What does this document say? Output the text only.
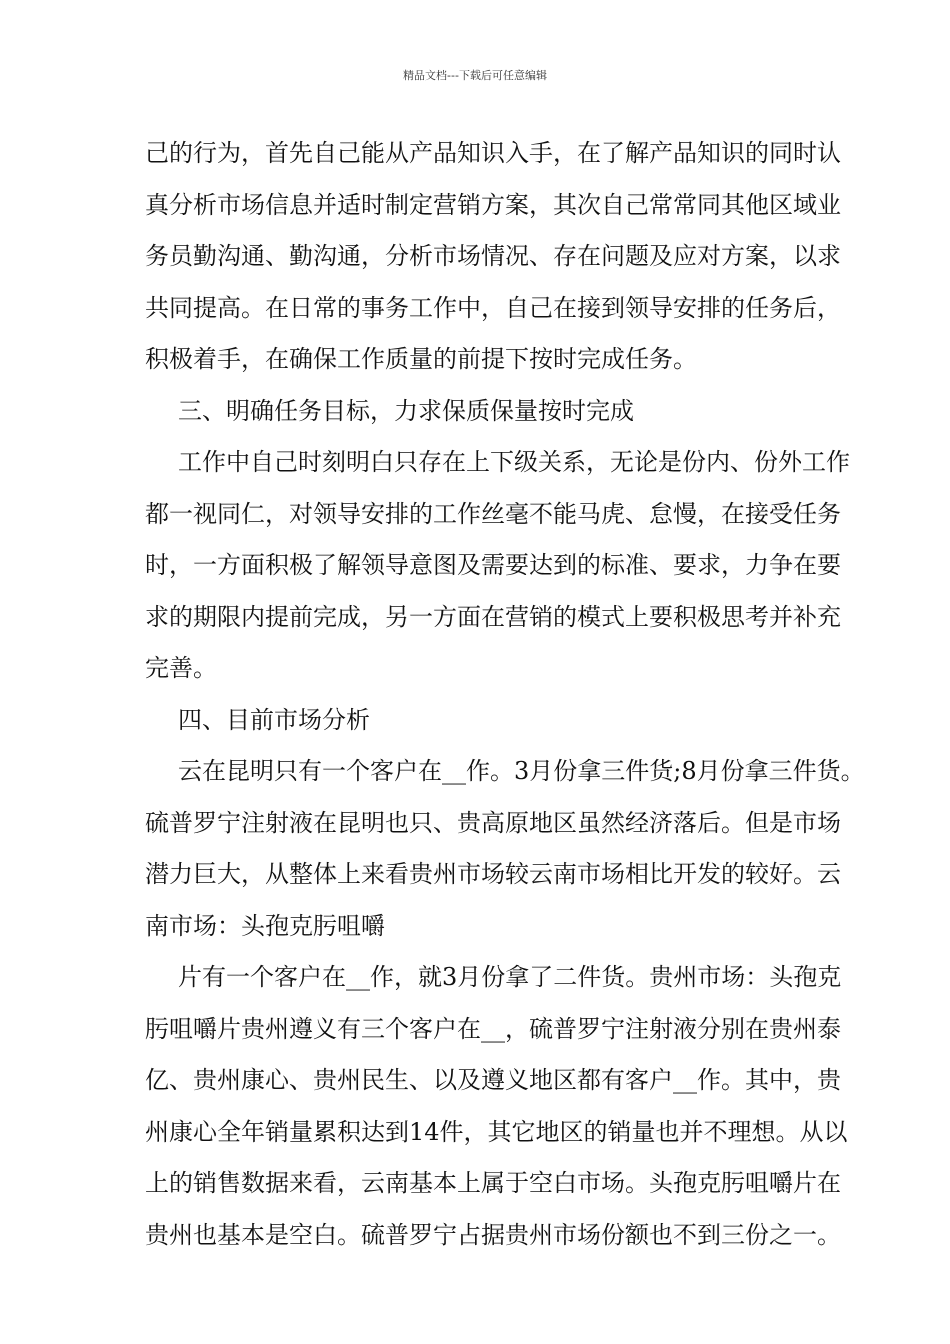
精品文档---下载后可任意编辑
己的行为，首先自己能从产品知识入手，在了解产品知识的同时认
真分析市场信息并适时制定营销方案，其次自己常常同其他区域业
务员勤沟通、勤沟通，分析市场情况、存在问题及应对方案，以求
共同提高。在日常的事务工作中，自己在接到领导安排的任务后，
积极着手，在确保工作质量的前提下按时完成任务。
三、明确任务目标，力求保质保量按时完成
工作中自己时刻明白只存在上下级关系，无论是份内、份外工作
都一视同仁，对领导安排的工作丝毫不能马虎、怠慢，在接受任务
时，一方面积极了解领导意图及需要达到的标准、要求，力争在要
求的期限内提前完成，另一方面在营销的模式上要积极思考并补充
完善。
四、目前市场分析
云在昆明只有一个客户在__作。3月份拿三件货;8月份拿三件货。
硫普罗宁注射液在昆明也只、贵高原地区虽然经济落后。但是市场
潜力巨大，从整体上来看贵州市场较云南市场相比开发的较好。云
南市场：头孢克肟咀嚼
片有一个客户在__作，就3月份拿了二件货。贵州市场：头孢克
肟咀嚼片贵州遵义有三个客户在__，硫普罗宁注射液分别在贵州泰
亿、贵州康心、贵州民生、以及遵义地区都有客户__作。其中，贵
州康心全年销量累积达到14件，其它地区的销量也并不理想。从以
上的销售数据来看，云南基本上属于空白市场。头孢克肟咀嚼片在
贵州也基本是空白。硫普罗宁占据贵州市场份额也不到三份之一。
